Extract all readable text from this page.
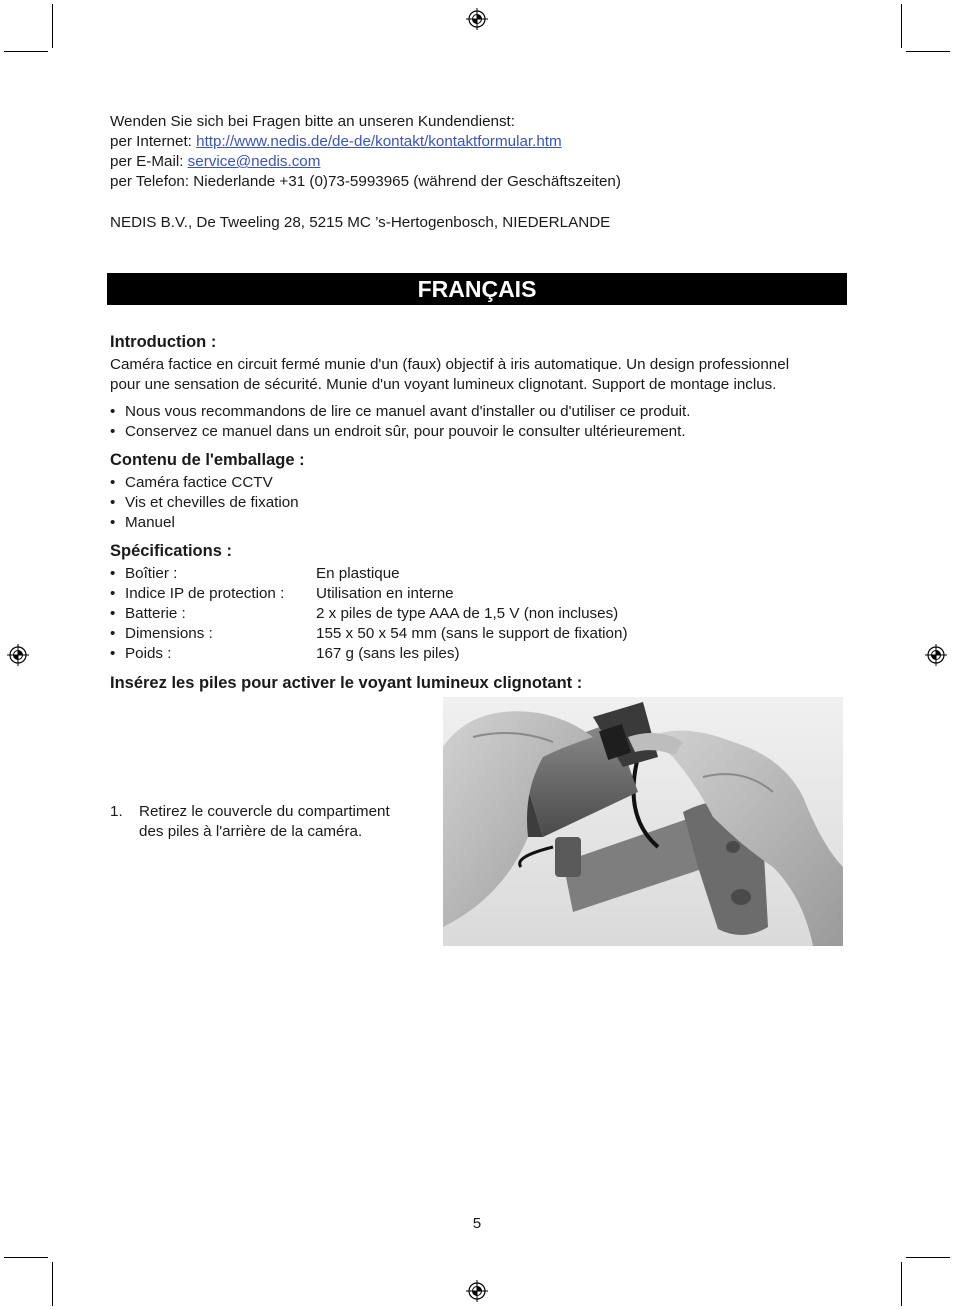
Wenden Sie sich bei Fragen bitte an unseren Kundendienst:
per Internet: http://www.nedis.de/de-de/kontakt/kontaktformular.htm
per E-Mail: service@nedis.com
per Telefon: Niederlande +31 (0)73-5993965 (während der Geschäftszeiten)
NEDIS B.V., De Tweeling 28, 5215 MC ’s-Hertogenbosch, NIEDERLANDE
FRANÇAIS
Introduction :
Caméra factice en circuit fermé munie d'un (faux) objectif à iris automatique. Un design professionnel
pour une sensation de sécurité. Munie d'un voyant lumineux clignotant. Support de montage inclus.
• Nous vous recommandons de lire ce manuel avant d'installer ou d'utiliser ce produit.
• Conservez ce manuel dans un endroit sûr, pour pouvoir le consulter ultérieurement.
Contenu de l'emballage :
• Caméra factice CCTV
• Vis et chevilles de fixation
• Manuel
Spécifications :
• Boîtier :	En plastique
• Indice IP de protection : Utilisation en interne
• Batterie :	2 x piles de type AAA de 1,5 V (non incluses)
• Dimensions :	155 x 50 x 54 mm (sans le support de fixation)
• Poids :	167 g (sans les piles)
Insérez les piles pour activer le voyant lumineux clignotant :
1.	Retirez le couvercle du compartiment
des piles à l'arrière de la caméra.
5
